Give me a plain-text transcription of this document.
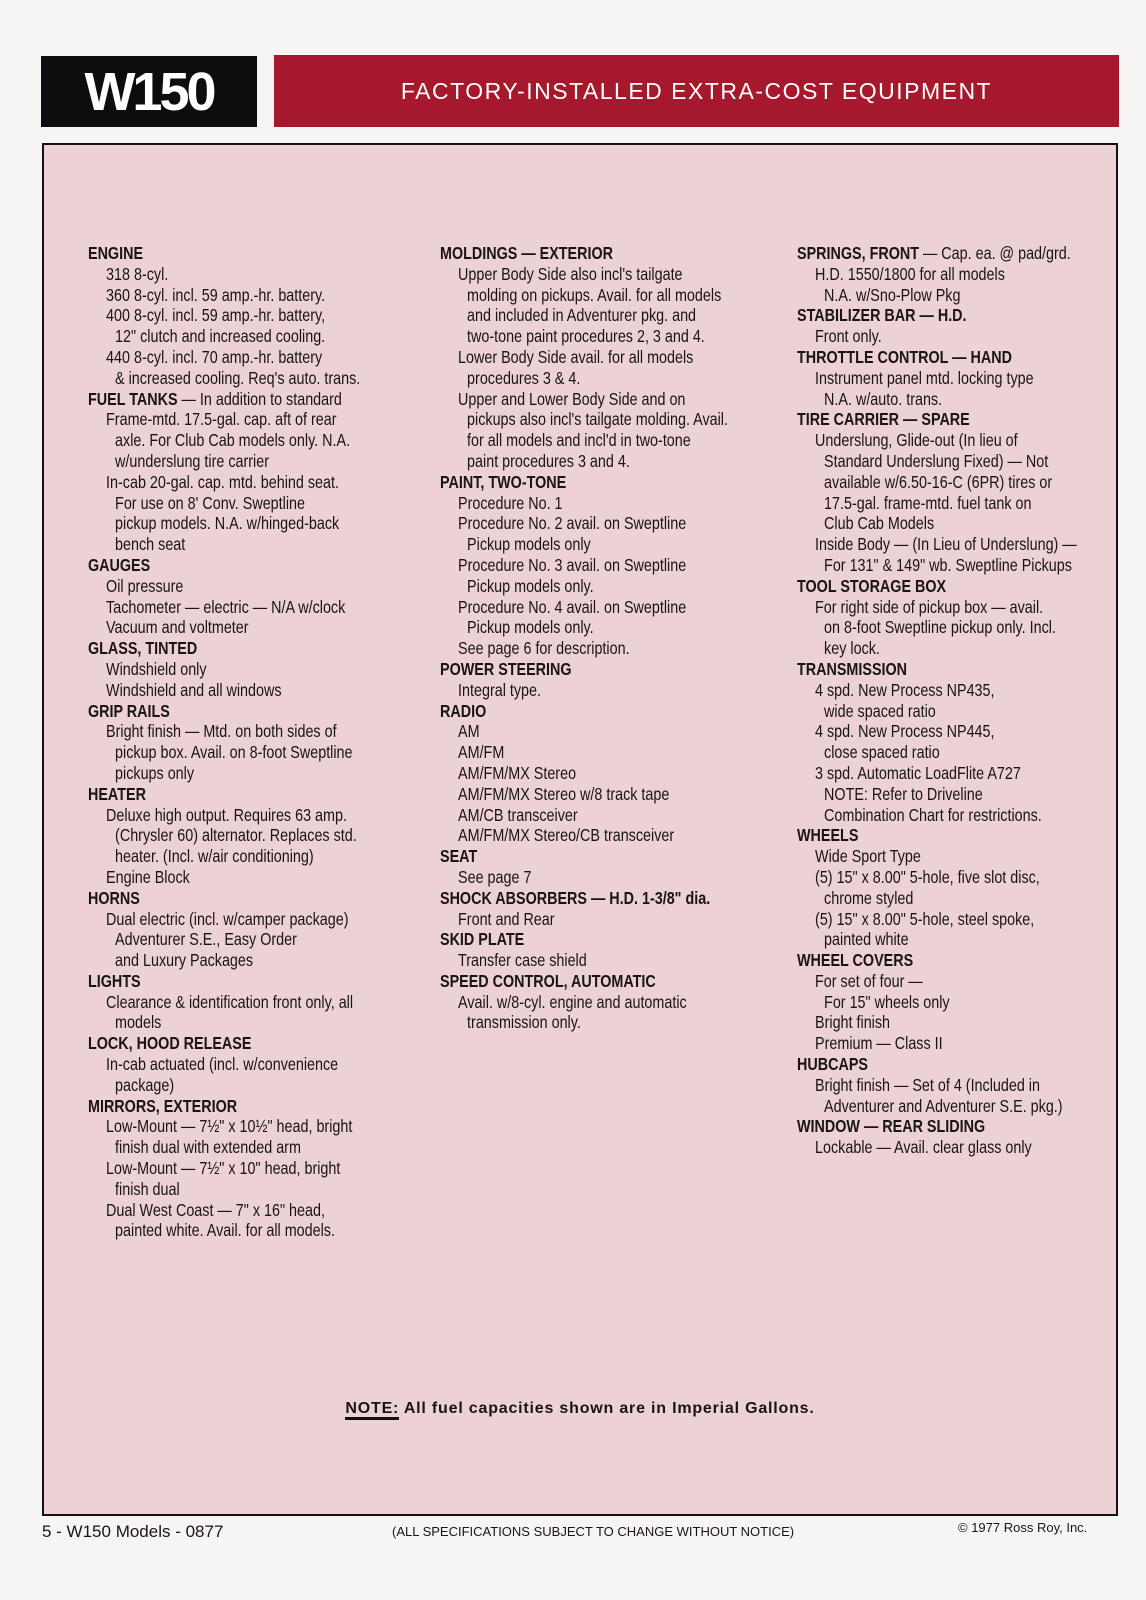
W150	FACTORY-INSTALLED EXTRA-COST EQUIPMENT
ENGINE
318 8-cyl.
360 8-cyl. incl. 59 amp.-hr. battery.
400 8-cyl. incl. 59 amp.-hr. battery,
12" clutch and increased cooling.
440 8-cyl. incl. 70 amp.-hr. battery
& increased cooling. Req's auto. trans.
FUEL TANKS — In addition to standard
Frame-mtd. 17.5-gal. cap. aft of rear
axle. For Club Cab models only. N.A.
w/underslung tire carrier
In-cab 20-gal. cap. mtd. behind seat.
For use on 8' Conv. Sweptline
pickup models. N.A. w/hinged-back
bench seat
GAUGES
Oil pressure
Tachometer — electric — N/A w/clock
Vacuum and voltmeter
GLASS, TINTED
Windshield only
Windshield and all windows
GRIP RAILS
Bright finish — Mtd. on both sides of
pickup box. Avail. on 8-foot Sweptline
pickups only
HEATER
Deluxe high output. Requires 63 amp.
(Chrysler 60) alternator. Replaces std.
heater. (Incl. w/air conditioning)
Engine Block
HORNS
Dual electric (incl. w/camper package)
Adventurer S.E., Easy Order
and Luxury Packages
LIGHTS
Clearance & identification front only, all
models
LOCK, HOOD RELEASE
In-cab actuated (incl. w/convenience
package)
MIRRORS, EXTERIOR
Low-Mount — 7½" x 10½" head, bright
finish dual with extended arm
Low-Mount — 7½" x 10" head, bright
finish dual
Dual West Coast — 7" x 16" head,
painted white. Avail. for all models.
MOLDINGS — EXTERIOR
Upper Body Side also incl's tailgate
molding on pickups. Avail. for all models
and included in Adventurer pkg. and
two-tone paint procedures 2, 3 and 4.
Lower Body Side avail. for all models
procedures 3 & 4.
Upper and Lower Body Side and on
pickups also incl's tailgate molding. Avail.
for all models and incl'd in two-tone
paint procedures 3 and 4.
PAINT, TWO-TONE
Procedure No. 1
Procedure No. 2 avail. on Sweptline
Pickup models only
Procedure No. 3 avail. on Sweptline
Pickup models only.
Procedure No. 4 avail. on Sweptline
Pickup models only.
See page 6 for description.
POWER STEERING
Integral type.
RADIO
AM
AM/FM
AM/FM/MX Stereo
AM/FM/MX Stereo w/8 track tape
AM/CB transceiver
AM/FM/MX Stereo/CB transceiver
SEAT
See page 7
SHOCK ABSORBERS — H.D. 1-3/8" dia.
Front and Rear
SKID PLATE
Transfer case shield
SPEED CONTROL, AUTOMATIC
Avail. w/8-cyl. engine and automatic
transmission only.
SPRINGS, FRONT — Cap. ea. @ pad/grd.
H.D. 1550/1800 for all models
N.A. w/Sno-Plow Pkg
STABILIZER BAR — H.D.
Front only.
THROTTLE CONTROL — HAND
Instrument panel mtd. locking type
N.A. w/auto. trans.
TIRE CARRIER — SPARE
Underslung, Glide-out (In lieu of
Standard Underslung Fixed) — Not
available w/6.50-16-C (6PR) tires or
17.5-gal. frame-mtd. fuel tank on
Club Cab Models
Inside Body — (In Lieu of Underslung) —
For 131" & 149" wb. Sweptline Pickups
TOOL STORAGE BOX
For right side of pickup box — avail.
on 8-foot Sweptline pickup only. Incl.
key lock.
TRANSMISSION
4 spd. New Process NP435,
wide spaced ratio
4 spd. New Process NP445,
close spaced ratio
3 spd. Automatic LoadFlite A727
NOTE: Refer to Driveline
Combination Chart for restrictions.
WHEELS
Wide Sport Type
(5) 15" x 8.00" 5-hole, five slot disc,
chrome styled
(5) 15" x 8.00" 5-hole, steel spoke,
painted white
WHEEL COVERS
For set of four —
For 15" wheels only
Bright finish
Premium — Class II
HUBCAPS
Bright finish — Set of 4 (Included in
Adventurer and Adventurer S.E. pkg.)
WINDOW — REAR SLIDING
Lockable — Avail. clear glass only
NOTE: All fuel capacities shown are in Imperial Gallons.
5 - W150 Models - 0877	(ALL SPECIFICATIONS SUBJECT TO CHANGE WITHOUT NOTICE)	© 1977 Ross Roy, Inc.
